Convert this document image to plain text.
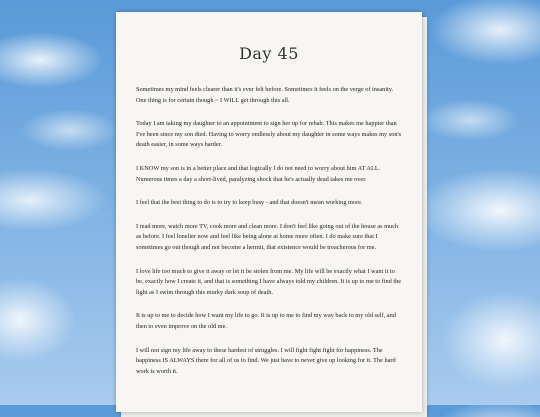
Day 45

Sometimes my mind feels clearer than it's ever felt before. Sometimes it feels on the verge of insanity. One thing is for certain though ~ I WILL get through this all.

Today I am taking my daughter to an appointment to sign her up for rehab. This makes me happier than I've been since my son died. Having to worry endlessly about my daughter in some ways makes my son's death easier, in some ways harder.

I KNOW my son is in a better place and that logically I do not need to worry about him AT ALL. Numerous times a day a short-lived, paralyzing shock that he's actually dead takes me over.

I feel that the best thing to do is to try to keep busy - and that doesn't mean working more.

I read more, watch more TV, cook more and clean more. I don't feel like going out of the house as much as before. I feel lonelier now and feel like being alone at home more often. I do make sure that I sometimes go out though and not become a hermit, that existence would be treacherous for me.

I love life too much to give it away or let it be stolen from me. My life will be exactly what I want it to be, exactly how I create it, and that is something I have always told my children. It is up to me to find the light as I swim through this murky dark soup of death.

It is up to me to decide how I want my life to go. It is up to me to find my way back to my old self, and then to even improve on the old me.

I will not sign my life away to these hardest of struggles. I will fight fight fight for happiness. The happiness IS ALWAYS there for all of us to find. We just have to never give up looking for it. The hard work is worth it.
